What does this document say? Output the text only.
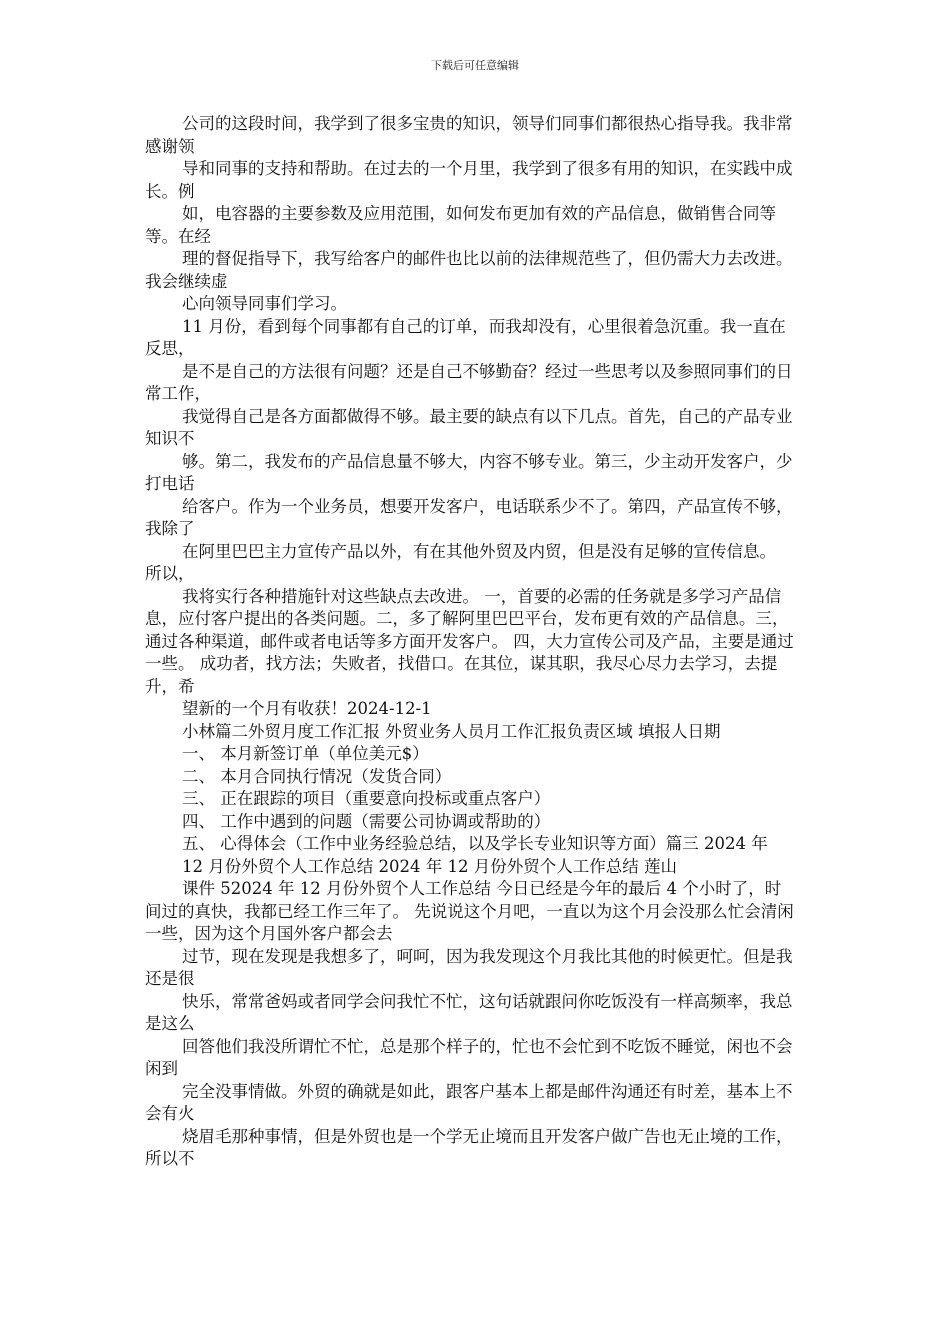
下载后可任意编辑

公司的这段时间，我学到了很多宝贵的知识，领导们同事们都很热心指导我。我非常感谢领

导和同事的支持和帮助。在过去的一个月里，我学到了很多有用的知识，在实践中成长。例

如，电容器的主要参数及应用范围，如何发布更加有效的产品信息，做销售合同等等。在经

理的督促指导下，我写给客户的邮件也比以前的法律规范些了，但仍需大力去改进。我会继续虚

心向领导同事们学习。

11 月份，看到每个同事都有自己的订单，而我却没有，心里很着急沉重。我一直在反思，

是不是自己的方法很有问题？还是自己不够勤奋？经过一些思考以及参照同事们的日常工作，

我觉得自己是各方面都做得不够。最主要的缺点有以下几点。首先，自己的产品专业知识不

够。第二，我发布的产品信息量不够大，内容不够专业。第三，少主动开发客户，少打电话

给客户。作为一个业务员，想要开发客户，电话联系少不了。第四，产品宣传不够，我除了

在阿里巴巴主力宣传产品以外，有在其他外贸及内贸，但是没有足够的宣传信息。 所以，

我将实行各种措施针对这些缺点去改进。 一，首要的必需的任务就是多学习产品信息，应付客户提出的各类问题。二，多了解阿里巴巴平台，发布更有效的产品信息。三，通过各种渠道，邮件或者电话等多方面开发客户。 四，大力宣传公司及产品，主要是通过一些。 成功者，找方法；失败者，找借口。在其位，谋其职，我尽心尽力去学习，去提升，希

望新的一个月有收获！2024-12-1

小林篇二外贸月度工作汇报 外贸业务人员月工作汇报负责区域 填报人日期

一、 本月新签订单（单位美元$）

二、 本月合同执行情况（发货合同）

三、 正在跟踪的项目（重要意向投标或重点客户）

四、 工作中遇到的问题（需要公司协调或帮助的）

五、 心得体会（工作中业务经验总结，以及学长专业知识等方面）篇三 2024 年

12 月份外贸个人工作总结 2024 年 12 月份外贸个人工作总结 莲山

课件 52024 年 12 月份外贸个人工作总结 今日已经是今年的最后 4 个小时了，时间过的真快，我都已经工作三年了。 先说说这个月吧，一直以为这个月会没那么忙会清闲一些，因为这个月国外客户都会去

过节，现在发现是我想多了，呵呵，因为我发现这个月我比其他的时候更忙。但是我还是很

快乐，常常爸妈或者同学会问我忙不忙，这句话就跟问你吃饭没有一样高频率，我总是这么

回答他们我没所谓忙不忙，总是那个样子的，忙也不会忙到不吃饭不睡觉，闲也不会闲到

完全没事情做。外贸的确就是如此，跟客户基本上都是邮件沟通还有时差，基本上不会有火

烧眉毛那种事情，但是外贸也是一个学无止境而且开发客户做广告也无止境的工作，所以不
